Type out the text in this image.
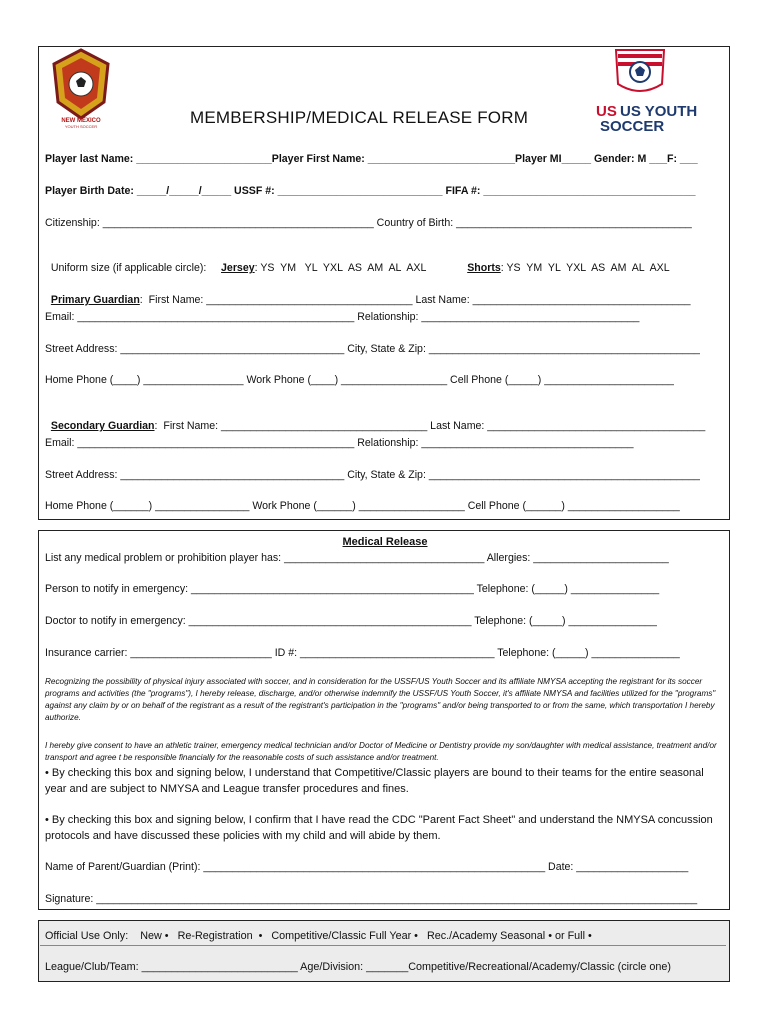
NEW MEXICO
YOUTH SOCCER
US US YOUTH
SOCCER
MEMBERSHIP/MEDICAL RELEASE FORM
Player last Name: _______________________Player First Name: _________________________Player MI_____ Gender: M ___F: ___
Player Birth Date: _____/_____/_____ USSF #: ____________________________ FIFA #: ____________________________________
Citizenship: ______________________________________________ Country of Birth: ________________________________________

Uniform size (if applicable circle): Jersey: YS  YM   YL  YXL  AS  AM  AL  AXL	Shorts: YS  YM  YL  YXL  AS  AM  AL  AXL

Primary Guardian:  First Name: ___________________________________ Last Name: _____________________________________

Email: _______________________________________________ Relationship: _____________________________________
Street Address: ______________________________________ City, State & Zip: ______________________________________________
Home Phone (____) _________________ Work Phone (____) __________________ Cell Phone (_____) ______________________

Secondary Guardian:  First Name: ___________________________________ Last Name: _____________________________________

Email: _______________________________________________ Relationship: ____________________________________
Street Address: ______________________________________ City, State & Zip: ______________________________________________
Home Phone (______) ________________ Work Phone (______) __________________ Cell Phone (______) ___________________
Medical Release
List any medical problem or prohibition player has: __________________________________ Allergies: _______________________
Person to notify in emergency: ________________________________________________ Telephone: (_____) _______________
Doctor to notify in emergency: ________________________________________________ Telephone: (_____) _______________
Insurance carrier: ________________________ ID #: _________________________________ Telephone: (_____) _______________
Recognizing the possibility of physical injury associated with soccer, and in consideration for the USSF/US Youth Soccer and its affiliate NMYSA accepting the registrant for its soccer programs and activities (the "programs"), I hereby release, discharge, and/or otherwise indemnify the USSF/US Youth Soccer, it's affiliate NMYSA and facilities utilized for the "programs" against any claim by or on behalf of the registrant as a result of the registrant's participation in the "programs" and/or being transported to or from the same, which transportation I hereby authorize.
I hereby give consent to have an athletic trainer, emergency medical technician and/or Doctor of Medicine or Dentistry provide my son/daughter with medical assistance, treatment and/or transport and agree t be responsible financially for the reasonable costs of such assistance and/or treatment.
• By checking this box and signing below, I understand that Competitive/Classic players are bound to their teams for the entire seasonal year and are subject to NMYSA and League transfer procedures and fines.
• By checking this box and signing below, I confirm that I have read the CDC "Parent Fact Sheet" and understand the NMYSA concussion protocols and have discussed these policies with my child and will abide by them.
Name of Parent/Guardian (Print): __________________________________________________________ Date: ___________________
Signature: ______________________________________________________________________________________________________
Official Use Only:    New •   Re-Registration  •   Competitive/Classic Full Year •   Rec./Academy Seasonal • or Full •
League/Club/Team: __________________________ Age/Division: _______Competitive/Recreational/Academy/Classic (circle one)
